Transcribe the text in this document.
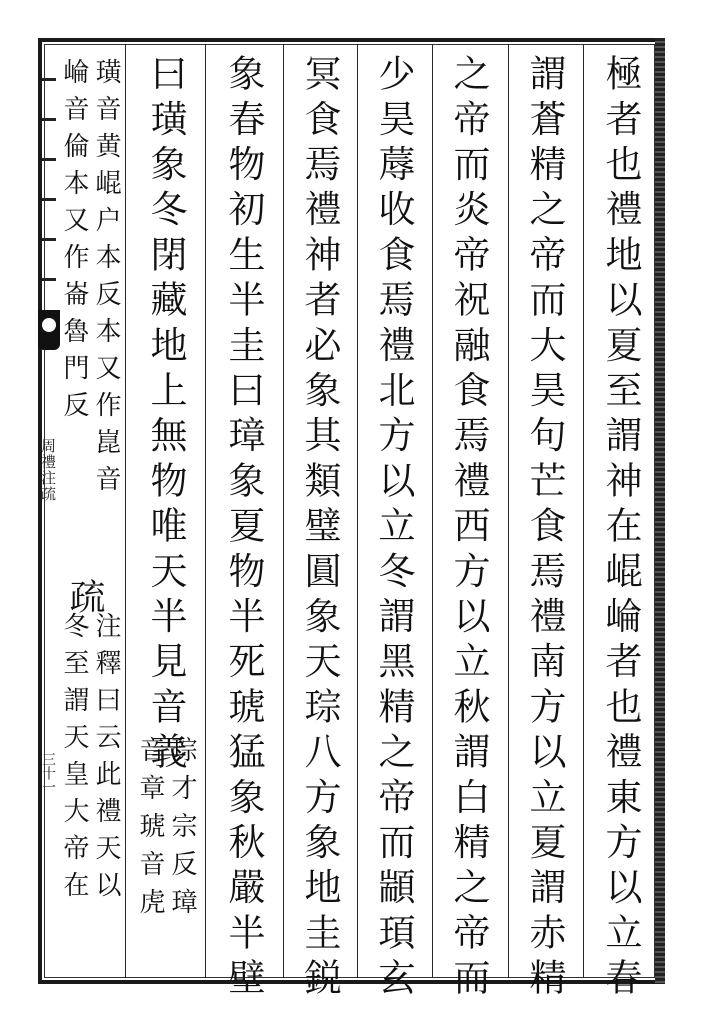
周禮注疏
三十一	極者也禮地以夏至謂神在崐崘者也禮東方以立春
謂蒼精之帝而大昊句芒食焉禮南方以立夏謂赤精
之帝而炎帝祝融食焉禮西方以立秋謂白精之帝而
少昊蓐收食焉禮北方以立冬謂黑精之帝而顓頊玄
冥食焉禮神者必象其類璧圓象天琮八方象地圭鋭
象春物初生半圭曰璋象夏物半死琥猛象秋嚴半壁
曰璜象冬閉藏地上無物唯天半見音義
琮才宗反璋
音章琥音虎
璜音黄崐户本反本又作崑音
崘音倫本又作崙魯門反
疏
注釋曰云此禮天以
冬至謂天皇大帝在
